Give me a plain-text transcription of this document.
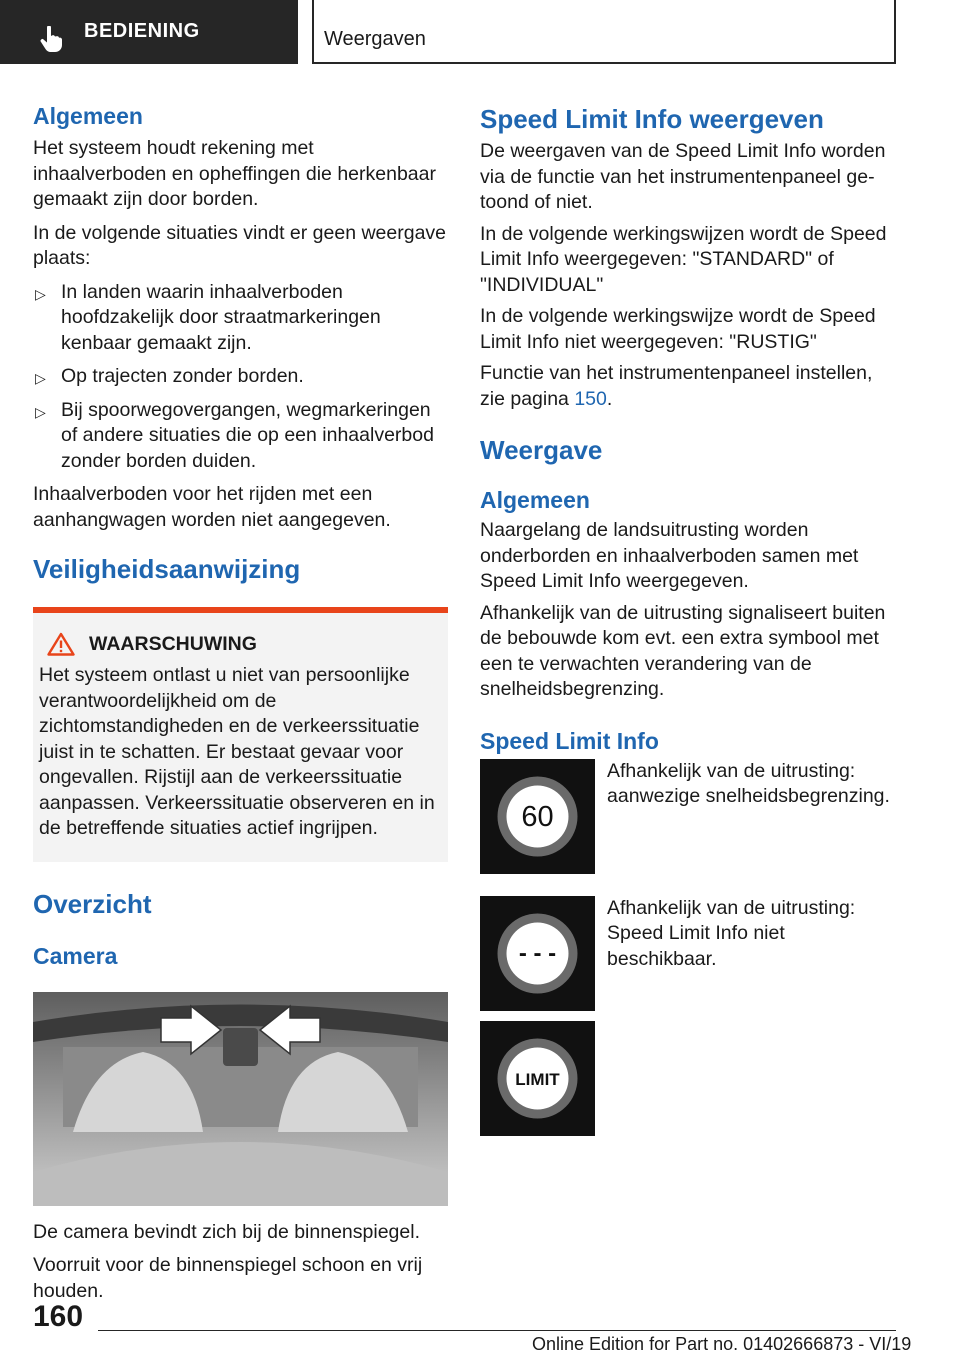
BEDIENING	Weergaven
Algemeen

Het systeem houdt rekening met inhaalverboden en opheffingen die herkenbaar gemaakt zijn door borden.

In de volgende situaties vindt er geen weergave plaats:

▷ In landen waarin inhaalverboden hoofdzakelijk door straatmarkeringen kenbaar gemaakt zijn.
▷ Op trajecten zonder borden.
▷ Bij spoorwegovergangen, wegmarkeringen of andere situaties die op een inhaalverbod zonder borden duiden.

Inhaalverboden voor het rijden met een aanhangwagen worden niet aangegeven.

Veiligheidsaanwijzing
WAARSCHUWING

Het systeem ontlast u niet van persoonlijke verantwoordelijkheid om de zichtomstandigheden en de verkeerssituatie juist in te schatten. Er bestaat gevaar voor ongevallen. Rijstijl aan de verkeerssituatie aanpassen. Verkeerssituatie observeren en in de betreffende situaties actief ingrijpen.

Overzicht
Camera

De camera bevindt zich bij de binnenspiegel.

Voorruit voor de binnenspiegel schoon en vrij houden.

Speed Limit Info weergeven

De weergaven van de Speed Limit Info worden via de functie van het instrumentenpaneel getoond of niet.

In de volgende werkingswijzen wordt de Speed Limit Info weergegeven: "STANDARD" of "INDIVIDUAL"

In de volgende werkingswijze wordt de Speed Limit Info niet weergegeven: "RUSTIG"

Functie van het instrumentenpaneel instellen, zie pagina 150.

Weergave
Algemeen

Naargelang de landsuitrusting worden onderborden en inhaalverboden samen met Speed Limit Info weergegeven.

Afhankelijk van de uitrusting signaliseert buiten de bebouwde kom evt. een extra symbool met een te verwachten verandering van de snelheidsbegrenzing.

Speed Limit Info
60

Afhankelijk van de uitrusting: aanwezige snelheidsbegrenzing.

- - -

Afhankelijk van de uitrusting: Speed Limit Info niet beschikbaar.

LIMIT
160
Online Edition for Part no. 01402666873 - VI/19
